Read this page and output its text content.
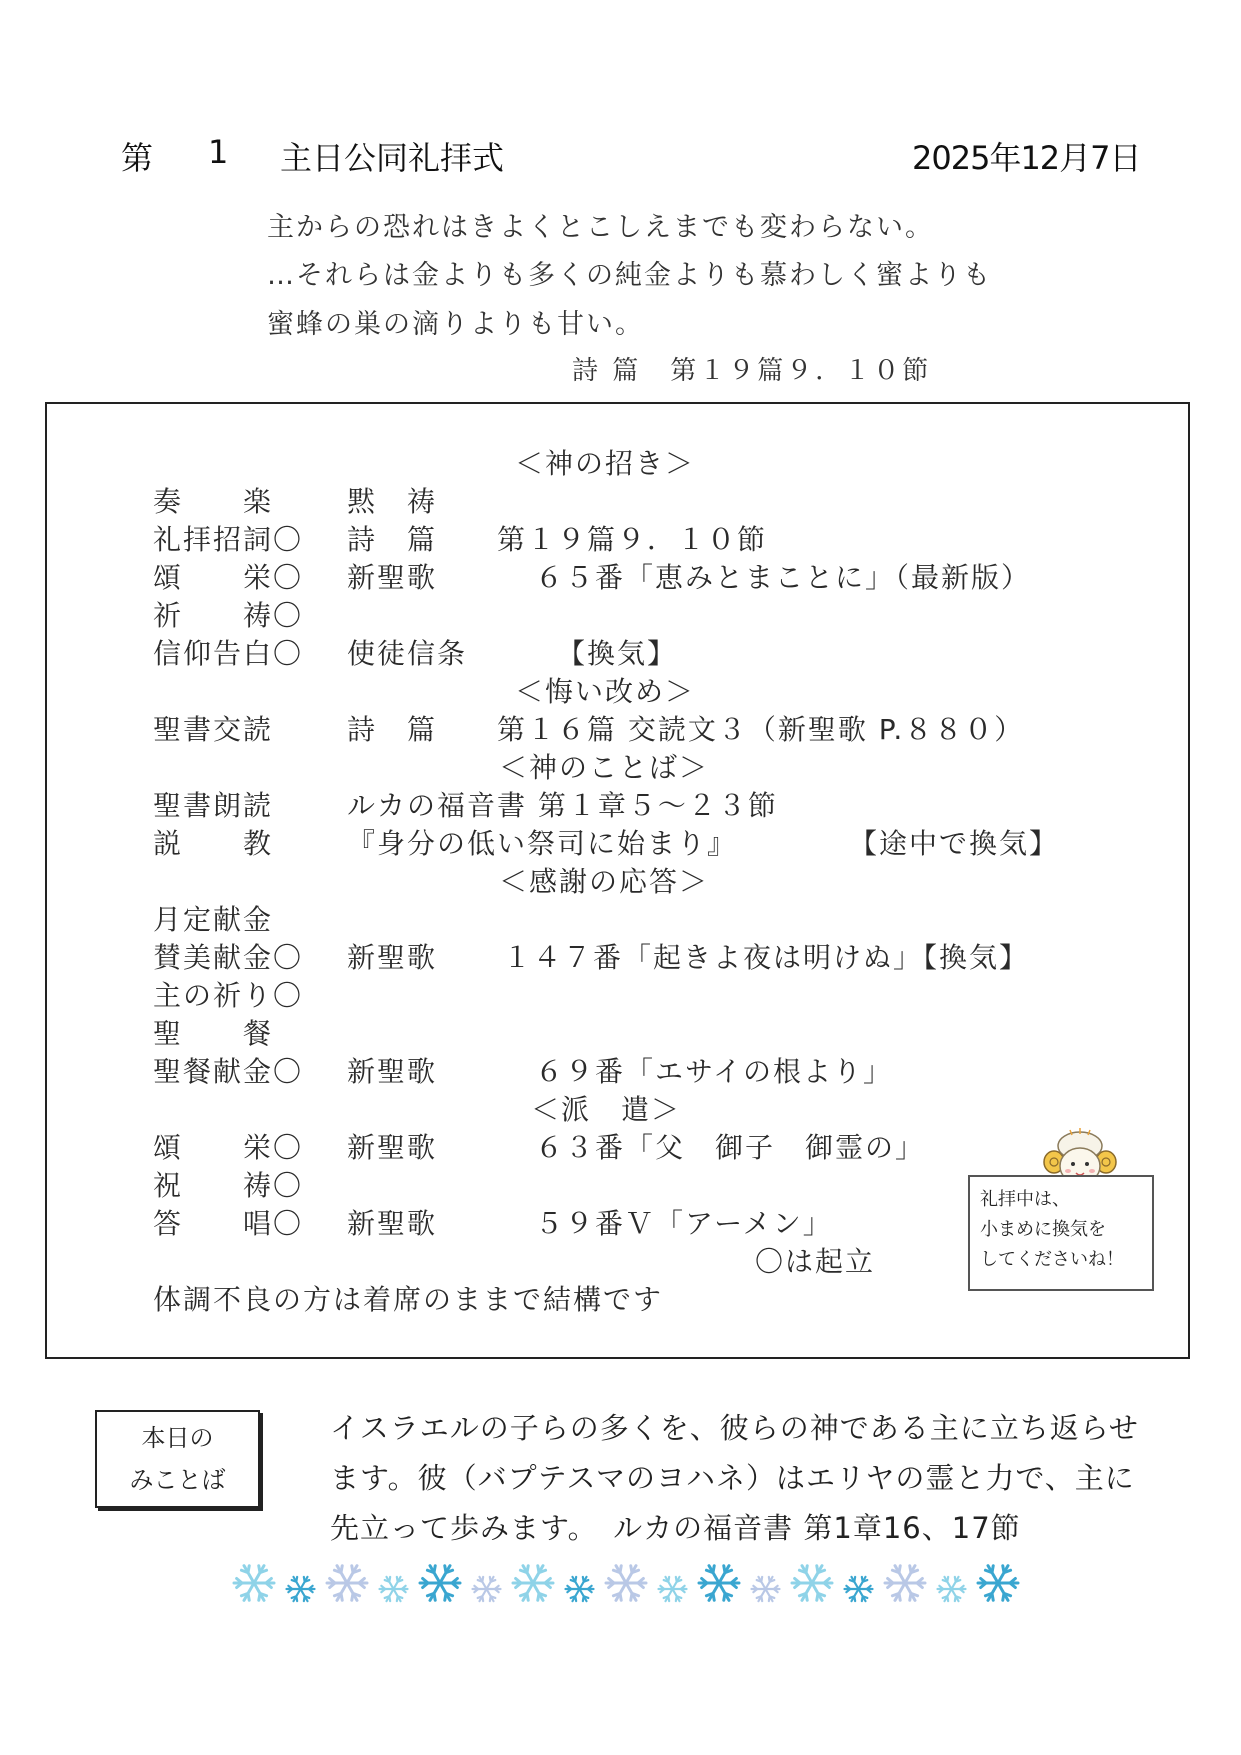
第 1 主日公同礼拝式	2025年12月7日
主からの恐れはきよくとこしえまでも変わらない。
…それらは金よりも多くの純金よりも慕わしく蜜よりも
蜜蜂の巣の滴りよりも甘い。
詩 篇　第１９篇９．１０節
＜神の招き＞
奏　　楽	黙　祷
礼拝招詞〇 詩　篇 第１９篇９．１０節
頌　　栄〇 新聖歌	６５番「恵みとまことに」（最新版）
祈　　祷〇
信仰告白〇 使徒信条	【換気】
＜悔い改め＞
聖書交読	詩　篇 第１６篇 交読文３（新聖歌 P.８８０）
＜神のことば＞
聖書朗読	ルカの福音書 第１章５～２３節
説　　教	『身分の低い祭司に始まり』	【途中で換気】
＜感謝の応答＞
月定献金
賛美献金〇 新聖歌 １４７番「起きよ夜は明けぬ」【換気】
主の祈り〇
聖　　餐
聖餐献金〇 新聖歌	６９番「エサイの根より」
＜派　遣＞
頌　　栄〇 新聖歌	６３番「父　御子　御霊の」
祝　　祷〇
答　　唱〇 新聖歌	５９番Ｖ「アーメン」
〇は起立
体調不良の方は着席のままで結構です
礼拝中は、
小まめに換気を
してくださいね！
本日の
みことば
イスラエルの子らの多くを、彼らの神である主に立ち返らせ
ます。彼（バプテスマのヨハネ）はエリヤの霊と力で、主に
先立って歩みます。　ルカの福音書 第1章16、17節
